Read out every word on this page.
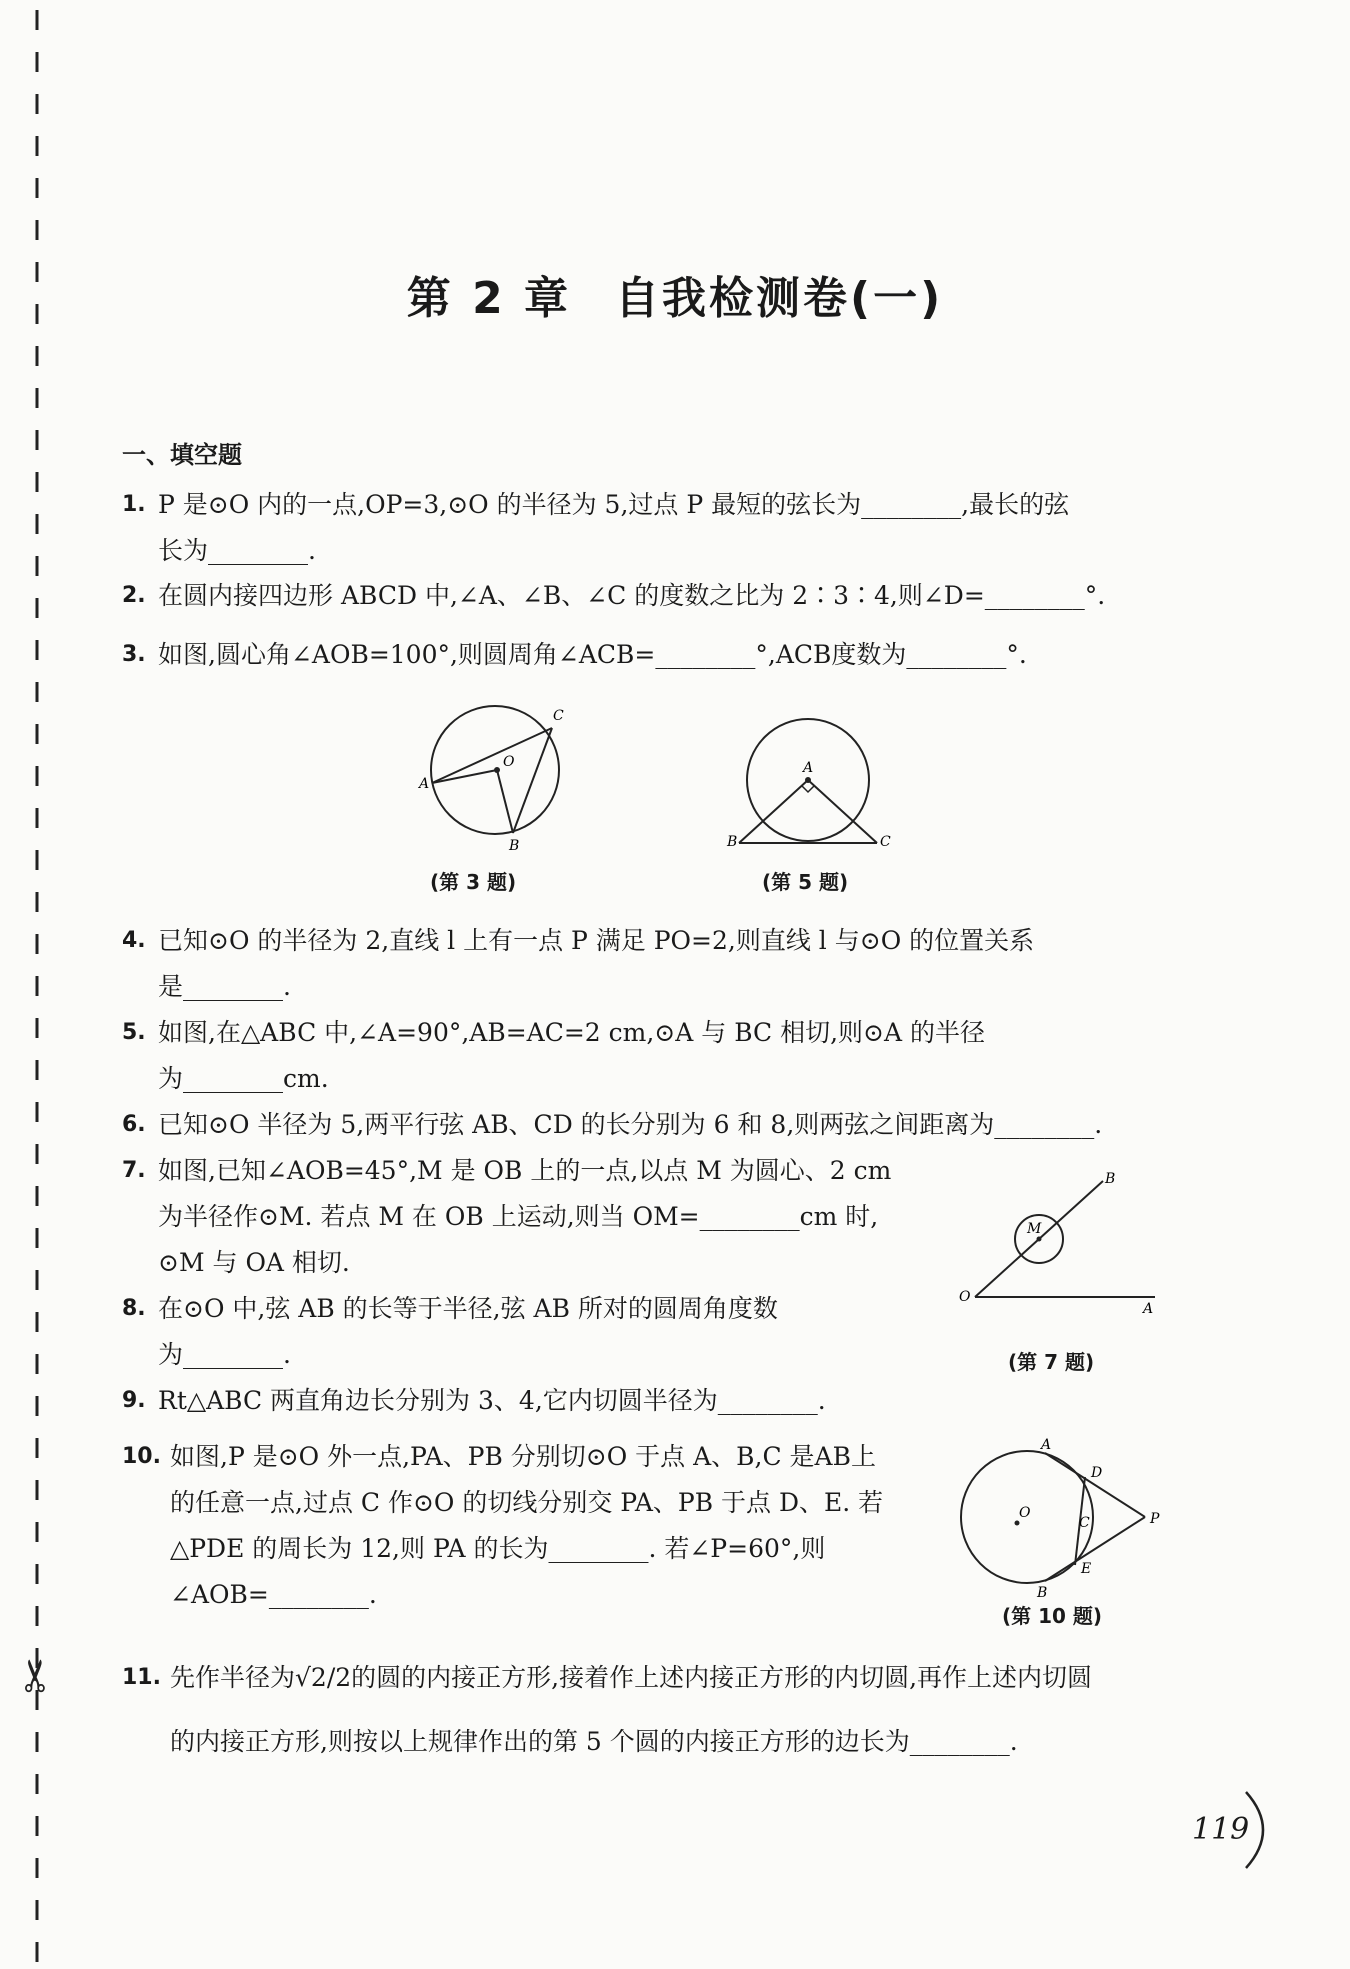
✂
第 2 章 自我检测卷(一)
一、填空题
1. P 是⊙O 内的一点,OP=3,⊙O 的半径为 5,过点 P 最短的弦长为________,最长的弦
长为________.
2. 在圆内接四边形 ABCD 中,∠A、∠B、∠C 的度数之比为 2∶3∶4,则∠D=________°.
3. 如图,圆心角∠AOB=100°,则圆周角∠ACB=________°,ACB度数为________°.
A
O
C
B
(第 3 题)
A
B	C
(第 5 题)
4. 已知⊙O 的半径为 2,直线 l 上有一点 P 满足 PO=2,则直线 l 与⊙O 的位置关系
是________.
5. 如图,在△ABC 中,∠A=90°,AB=AC=2 cm,⊙A 与 BC 相切,则⊙A 的半径
为________cm.
6. 已知⊙O 半径为 5,两平行弦 AB、CD 的长分别为 6 和 8,则两弦之间距离为________.
7. 如图,已知∠AOB=45°,M 是 OB 上的一点,以点 M 为圆心、2 cm
为半径作⊙M. 若点 M 在 OB 上运动,则当 OM=________cm 时,
⊙M 与 OA 相切.
M
O
A
B
(第 7 题)
8. 在⊙O 中,弦 AB 的长等于半径,弦 AB 所对的圆周角度数
为________.
9. Rt△ABC 两直角边长分别为 3、4,它内切圆半径为________.
10. 如图,P 是⊙O 外一点,PA、PB 分别切⊙O 于点 A、B,C 是AB上
的任意一点,过点 C 作⊙O 的切线分别交 PA、PB 于点 D、E. 若
△PDE 的周长为 12,则 PA 的长为________. 若∠P=60°,则
∠AOB=________.
A
O
D
C	P
E
B
(第 10 题)
11. 先作半径为√2/2的圆的内接正方形,接着作上述内接正方形的内切圆,再作上述内切圆
的内接正方形,则按以上规律作出的第 5 个圆的内接正方形的边长为________.
119
